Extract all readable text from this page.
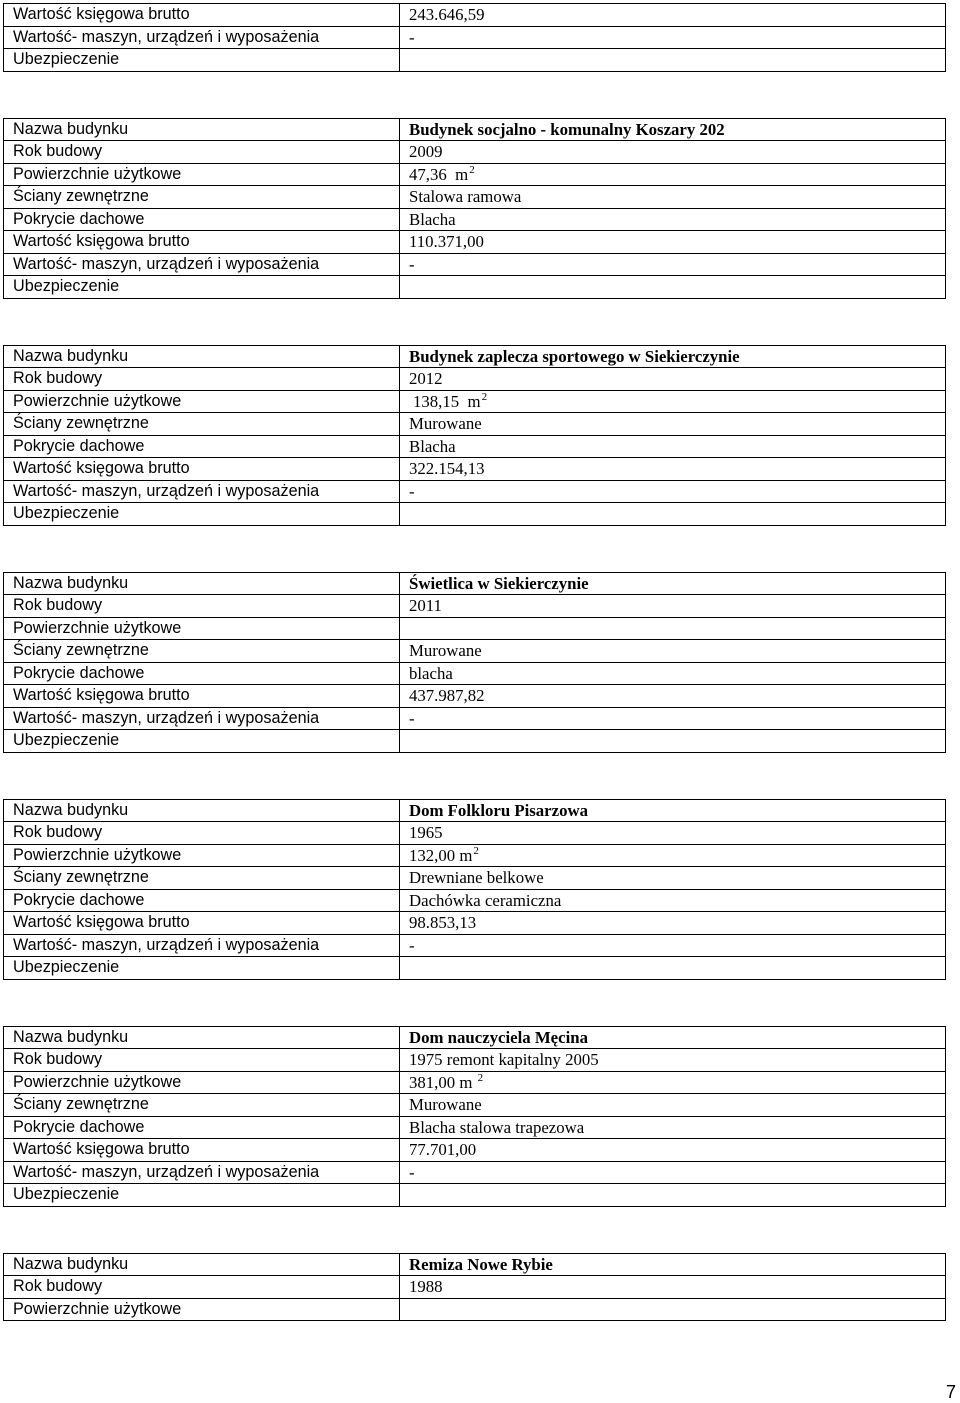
Wartość księgowa brutto	243.646,59
Wartość- maszyn, urządzeń i wyposażenia	-
Ubezpieczenie	
Nazwa budynku	Budynek socjalno - komunalny Koszary 202
Rok budowy	2009
Powierzchnie użytkowe	47,36 $m^2$
Ściany zewnętrzne	Stalowa ramowa
Pokrycie dachowe	Blacha
Wartość księgowa brutto	110.371,00
Wartość- maszyn, urządzeń i wyposażenia	-
Ubezpieczenie	
Nazwa budynku	Budynek zaplecza sportowego w Siekierczynie
Rok budowy	2012
Powierzchnie użytkowe	138,15 $m^2$
Ściany zewnętrzne	Murowane
Pokrycie dachowe	Blacha
Wartość księgowa brutto	322.154,13
Wartość- maszyn, urządzeń i wyposażenia	-
Ubezpieczenie	
Nazwa budynku	Świetlica w Siekierczynie
Rok budowy	2011
Powierzchnie użytkowe	
Ściany zewnętrzne	Murowane
Pokrycie dachowe	blacha
Wartość księgowa brutto	437.987,82
Wartość- maszyn, urządzeń i wyposażenia	-
Ubezpieczenie	
Nazwa budynku	Dom Folkloru Pisarzowa
Rok budowy	1965
Powierzchnie użytkowe	132,00 $m^2$
Ściany zewnętrzne	Drewniane belkowe
Pokrycie dachowe	Dachówka ceramiczna
Wartość księgowa brutto	98.853,13
Wartość- maszyn, urządzeń i wyposażenia	-
Ubezpieczenie	
Nazwa budynku	Dom nauczyciela Męcina
Rok budowy	1975 remont kapitalny 2005
Powierzchnie użytkowe	381,00 m $^2$
Ściany zewnętrzne	Murowane
Pokrycie dachowe	Blacha stalowa trapezowa
Wartość księgowa brutto	77.701,00
Wartość- maszyn, urządzeń i wyposażenia	-
Ubezpieczenie	
Nazwa budynku	Remiza Nowe Rybie
Rok budowy	1988
Powierzchnie użytkowe	
7
